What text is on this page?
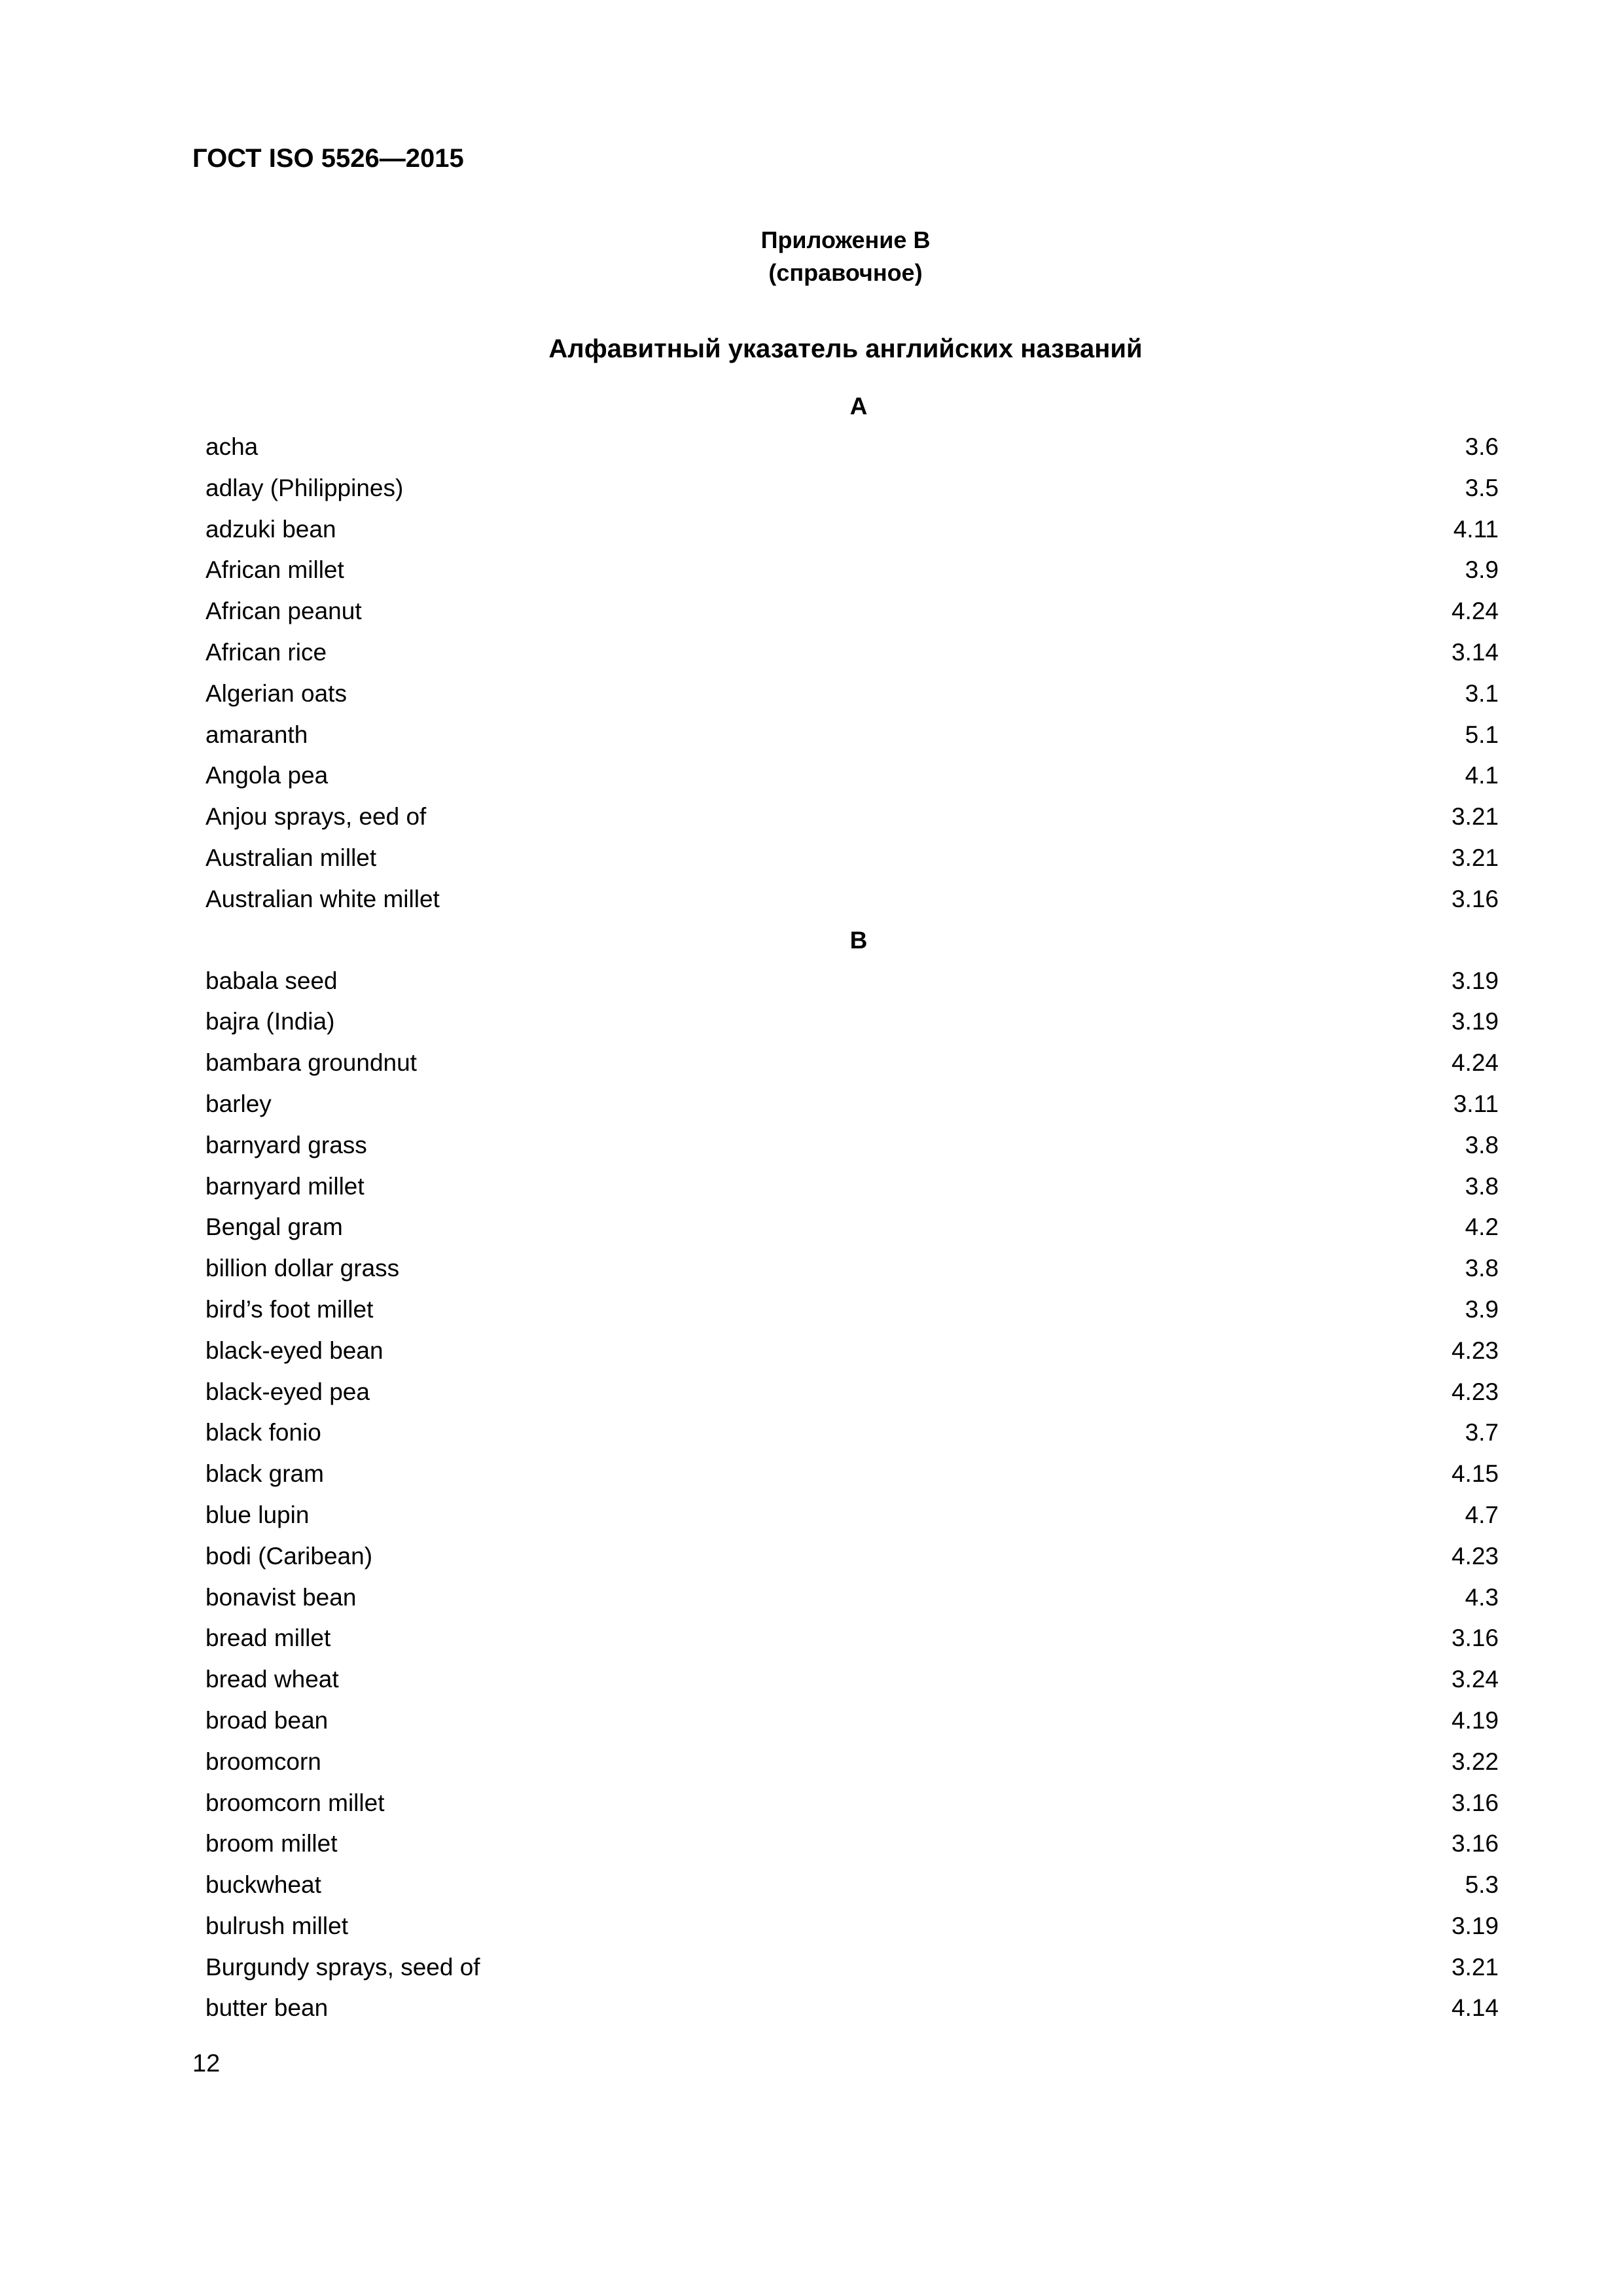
ГОСТ ISO 5526—2015
Приложение В
(справочное)
Алфавитный указатель английских названий
A
acha	3.6
adlay (Philippines)	3.5
adzuki bean	4.11
African millet	3.9
African peanut	4.24
African rice	3.14
Algerian oats	3.1
amaranth	5.1
Angola pea	4.1
Anjou sprays, eed of	3.21
Australian millet	3.21
Australian white millet	3.16
B
babala seed	3.19
bajra (India)	3.19
bambara groundnut	4.24
barley	3.11
barnyard grass	3.8
barnyard millet	3.8
Bengal gram	4.2
billion dollar grass	3.8
bird’s foot millet	3.9
black-eyed bean	4.23
black-eyed pea	4.23
black fonio	3.7
black gram	4.15
blue lupin	4.7
bodi (Caribean)	4.23
bonavist bean	4.3
bread millet	3.16
bread wheat	3.24
broad bean	4.19
broomcorn	3.22
broomcorn millet	3.16
broom millet	3.16
buckwheat	5.3
bulrush millet	3.19
Burgundy sprays, seed of	3.21
butter bean	4.14
12
